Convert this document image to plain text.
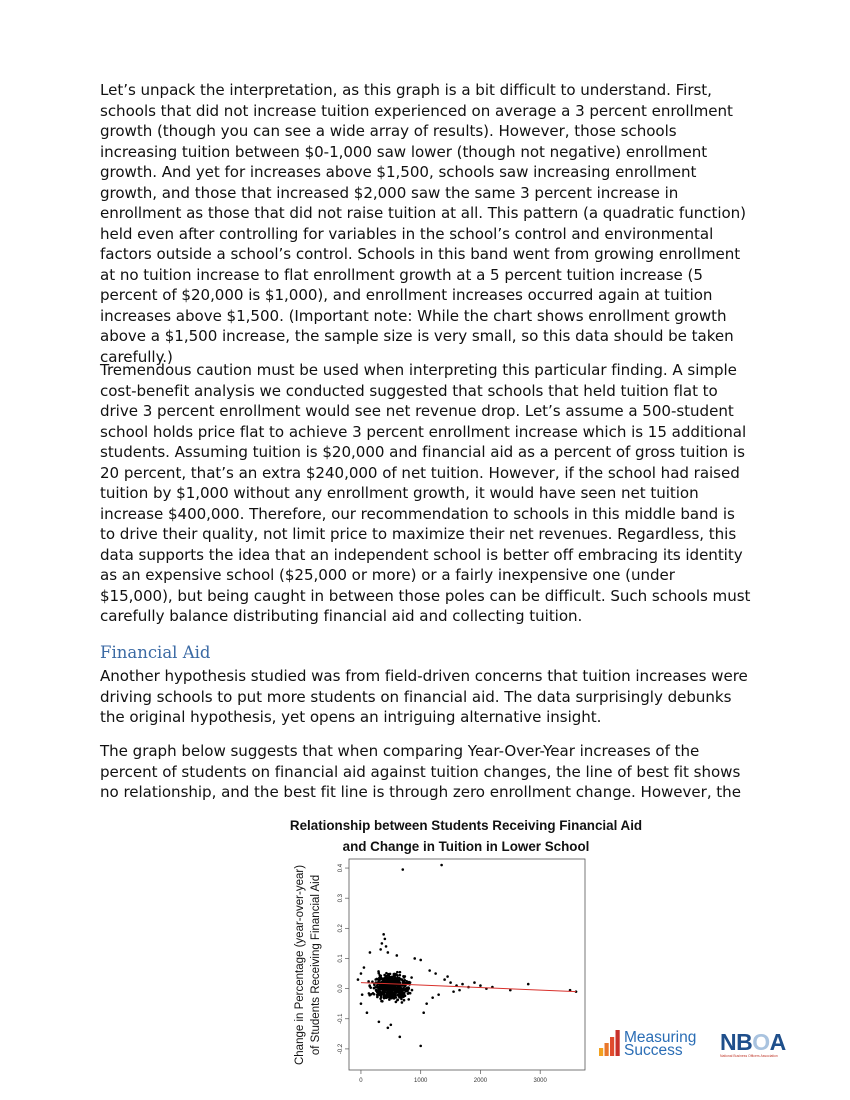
Let’s unpack the interpretation, as this graph is a bit difficult to understand. First, schools that did not increase tuition experienced on average a 3 percent enrollment growth (though you can see a wide array of results). However, those schools increasing tuition between $0-1,000 saw lower (though not negative) enrollment growth. And yet for increases above $1,500, schools saw increasing enrollment growth, and those that increased $2,000 saw the same 3 percent increase in enrollment as those that did not raise tuition at all. This pattern (a quadratic function) held even after controlling for variables in the school’s control and environmental factors outside a school’s control. Schools in this band went from growing enrollment at no tuition increase to flat enrollment growth at a 5 percent tuition increase (5 percent of $20,000 is $1,000), and enrollment increases occurred again at tuition increases above $1,500. (Important note: While the chart shows enrollment growth above a $1,500 increase, the sample size is very small, so this data should be taken carefully.)

Tremendous caution must be used when interpreting this particular finding. A simple cost-benefit analysis we conducted suggested that schools that held tuition flat to drive 3 percent enrollment would see net revenue drop. Let’s assume a 500-student school holds price flat to achieve 3 percent enrollment increase which is 15 additional students. Assuming tuition is $20,000 and financial aid as a percent of gross tuition is 20 percent, that’s an extra $240,000 of net tuition. However, if the school had raised tuition by $1,000 without any enrollment growth, it would have seen net tuition increase $400,000. Therefore, our recommendation to schools in this middle band is to drive their quality, not limit price to maximize their net revenues. Regardless, this data supports the idea that an independent school is better off embracing its identity as an expensive school ($25,000 or more) or a fairly inexpensive one (under $15,000), but being caught in between those poles can be difficult. Such schools must carefully balance distributing financial aid and collecting tuition.

Financial Aid

Another hypothesis studied was from field-driven concerns that tuition increases were driving schools to put more students on financial aid. The data surprisingly debunks the original hypothesis, yet opens an intriguing alternative insight.

The graph below suggests that when comparing Year-Over-Year increases of the percent of students on financial aid against tuition changes, the line of best fit shows no relationship, and the best fit line is through zero enrollment change. However, the

Relationship between Students Receiving Financial Aid and Change in Tuition in Lower School
Change in Percentage (year-over-year) of Students Receiving Financial Aid	-0.2
-0.1
0.0
0.1
0.2
0.3
0.4
0	1000	2000	3000
Measuring
Success NBOA
National Business Officers Association
